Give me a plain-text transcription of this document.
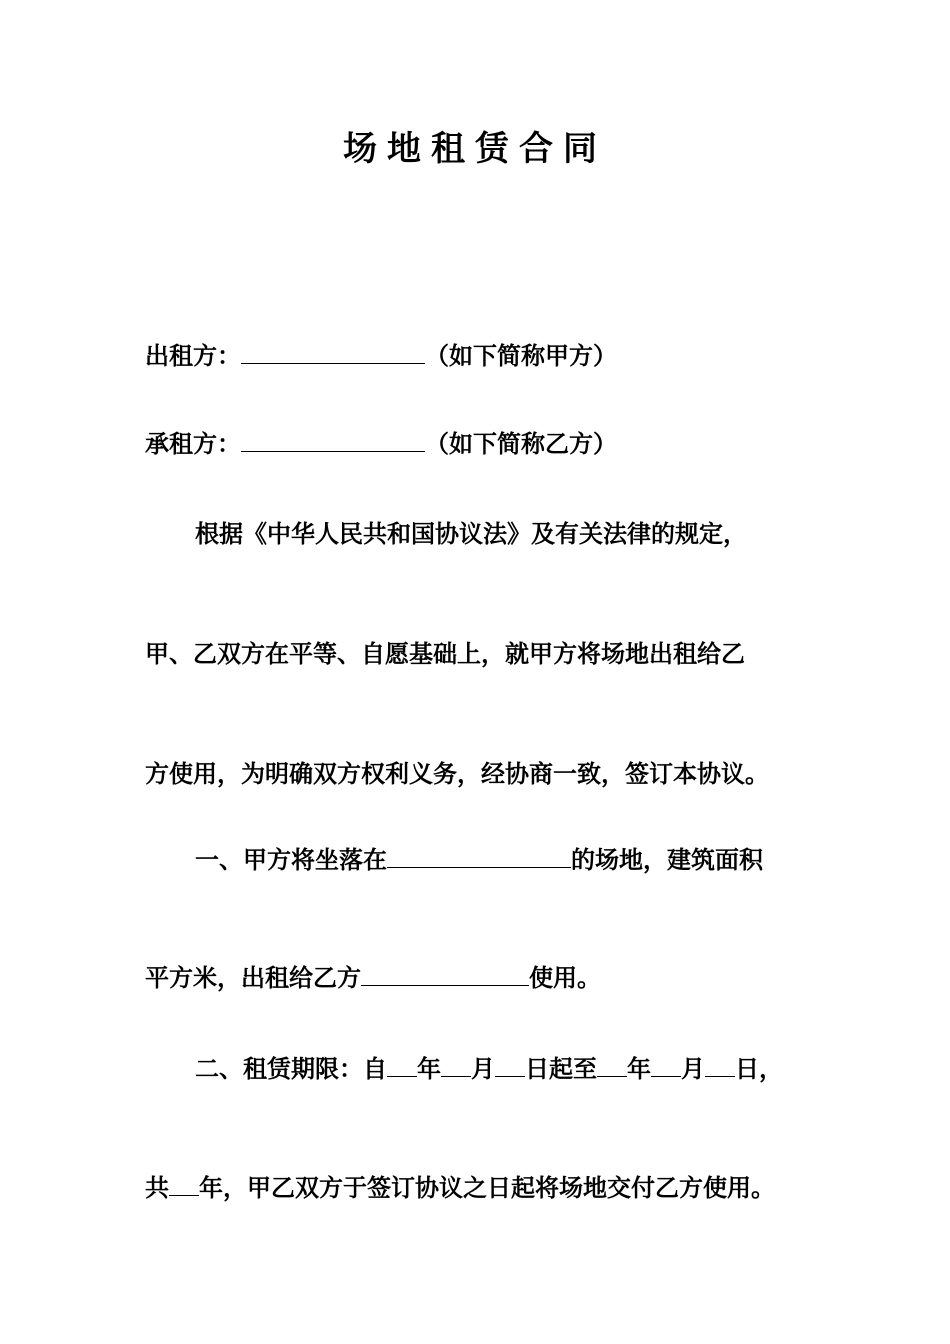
场地租赁合同
出租方：	（如下简称甲方）
承租方：	（如下简称乙方）
根据《中华人民共和国协议法》及有关法律的规定，
甲、乙双方在平等、自愿基础上，就甲方将场地出租给乙
方使用，为明确双方权利义务，经协商一致，签订本协议。
一、甲方将坐落在	的场地，建筑面积
平方米，出租给乙方	使用。
二、租赁期限：自 年 月 日起至 年 月 日，
共 年，甲乙双方于签订协议之日起将场地交付乙方使用。
